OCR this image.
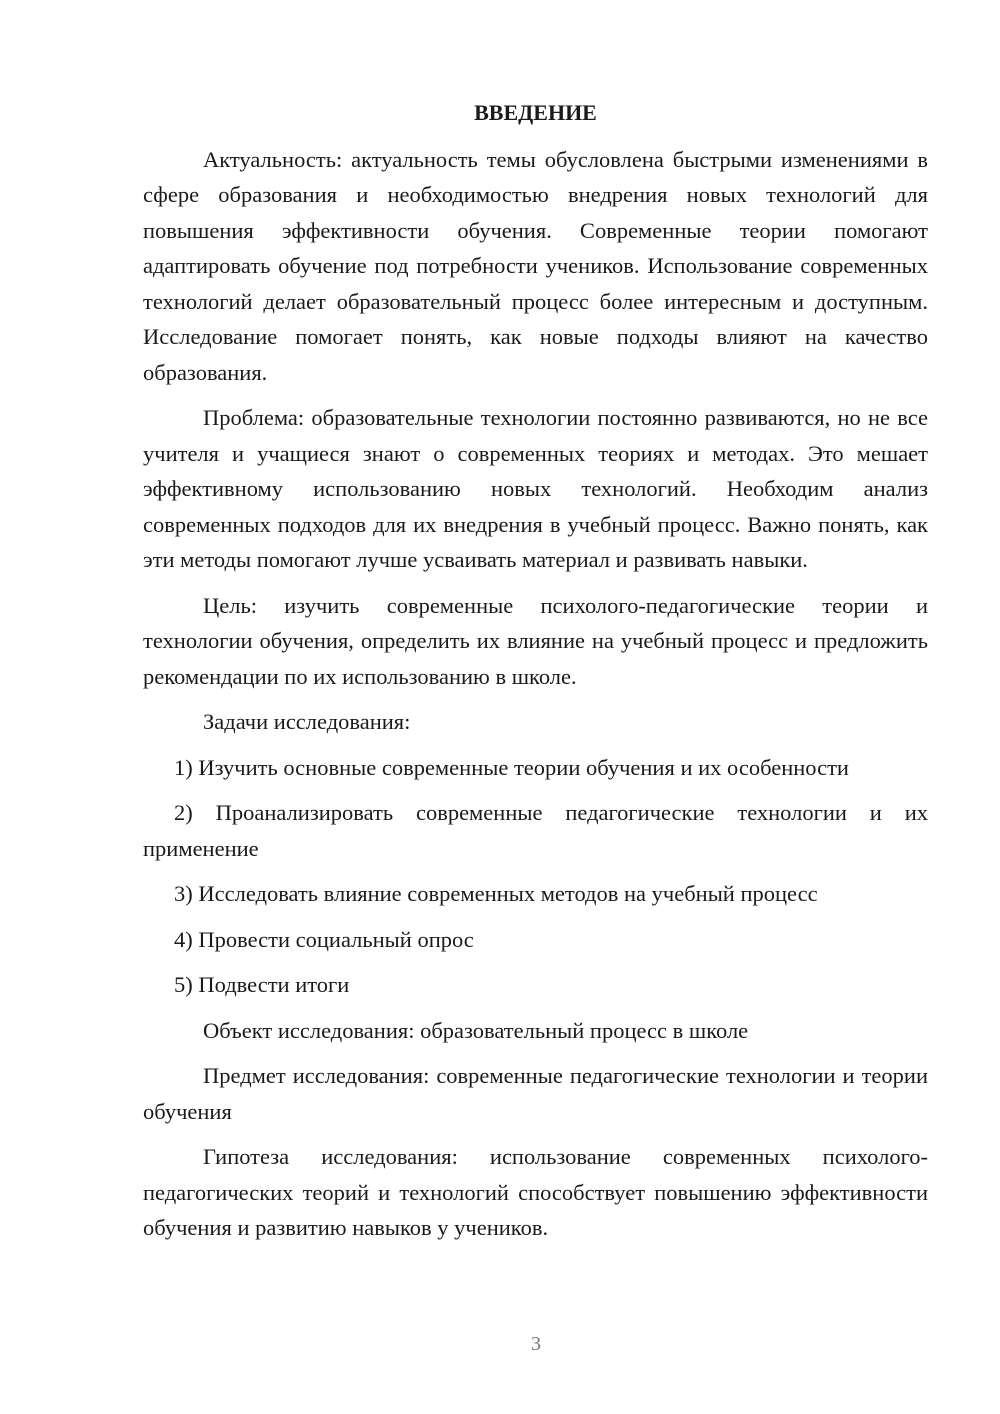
ВВЕДЕНИЕ

Актуальность: актуальность темы обусловлена быстрыми изменениями в сфере образования и необходимостью внедрения новых технологий для повышения эффективности обучения. Современные теории помогают адаптировать обучение под потребности учеников. Использование современных технологий делает образовательный процесс более интересным и доступным. Исследование помогает понять, как новые подходы влияют на качество образования.

Проблема: образовательные технологии постоянно развиваются, но не все учителя и учащиеся знают о современных теориях и методах. Это мешает эффективному использованию новых технологий. Необходим анализ современных подходов для их внедрения в учебный процесс. Важно понять, как эти методы помогают лучше усваивать материал и развивать навыки.

Цель: изучить современные психолого-педагогические теории и технологии обучения, определить их влияние на учебный процесс и предложить рекомендации по их использованию в школе.

Задачи исследования:

1) Изучить основные современные теории обучения и их особенности

2) Проанализировать современные педагогические технологии и их применение

3) Исследовать влияние современных методов на учебный процесс

4) Провести социальный опрос

5) Подвести итоги

Объект исследования: образовательный процесс в школе

Предмет исследования: современные педагогические технологии и теории обучения

Гипотеза исследования: использование современных психолого-педагогических теорий и технологий способствует повышению эффективности обучения и развитию навыков у учеников.

3
